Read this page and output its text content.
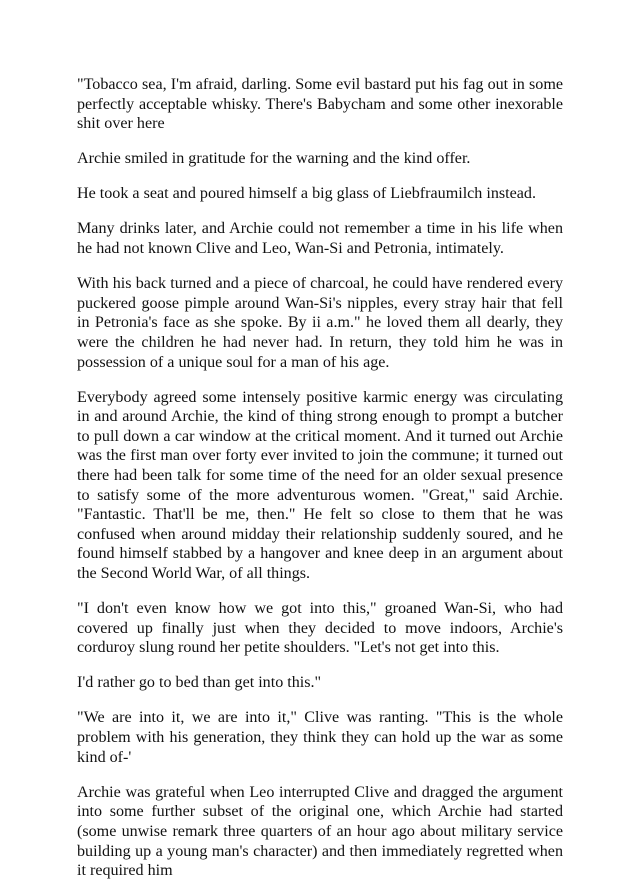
"Tobacco sea, I'm afraid, darling. Some evil bastard put his fag out in some perfectly acceptable whisky. There's Babycham and some other inexorable shit over here

Archie smiled in gratitude for the warning and the kind offer.

He took a seat and poured himself a big glass of Liebfraumilch instead.

Many drinks later, and Archie could not remember a time in his life when he had not known Clive and Leo, Wan-Si and Petronia, intimately.

With his back turned and a piece of charcoal, he could have rendered every puckered goose pimple around Wan-Si's nipples, every stray hair that fell in Petronia's face as she spoke. By ii a.m." he loved them all dearly, they were the children he had never had. In return, they told him he was in possession of a unique soul for a man of his age.

Everybody agreed some intensely positive karmic energy was circulating in and around Archie, the kind of thing strong enough to prompt a butcher to pull down a car window at the critical moment. And it turned out Archie was the first man over forty ever invited to join the commune; it turned out there had been talk for some time of the need for an older sexual presence to satisfy some of the more adventurous women. "Great," said Archie. "Fantastic. That'll be me, then." He felt so close to them that he was confused when around midday their relationship suddenly soured, and he found himself stabbed by a hangover and knee deep in an argument about the Second World War, of all things.

"I don't even know how we got into this," groaned Wan-Si, who had covered up finally just when they decided to move indoors, Archie's corduroy slung round her petite shoulders. "Let's not get into this.

I'd rather go to bed than get into this."

"We are into it, we are into it," Clive was ranting. "This is the whole problem with his generation, they think they can hold up the war as some kind of-'

Archie was grateful when Leo interrupted Clive and dragged the argument into some further subset of the original one, which Archie had started (some unwise remark three quarters of an hour ago about military service building up a young man's character) and then immediately regretted when it required him
